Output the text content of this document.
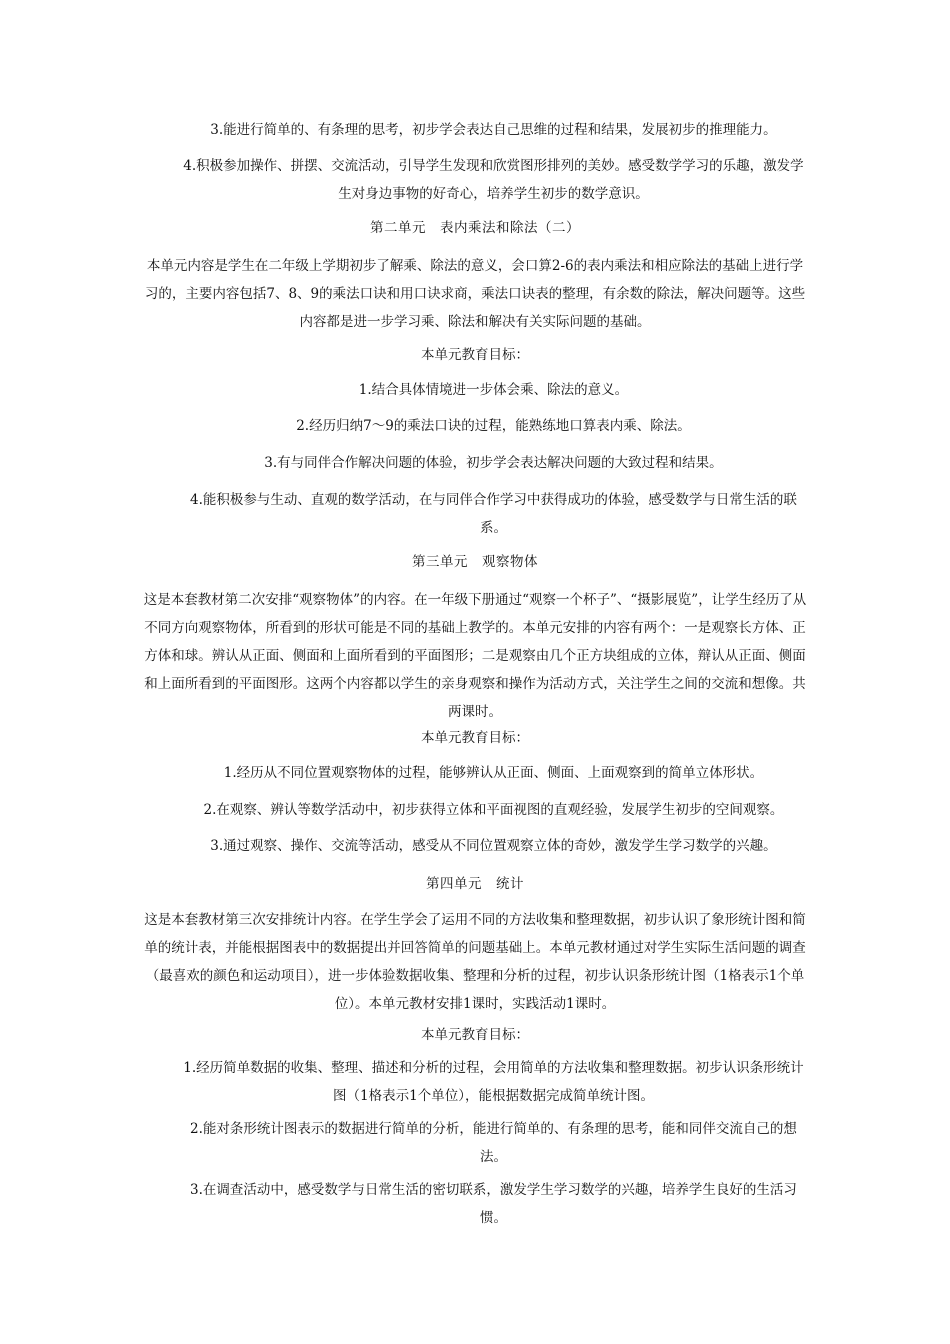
3.能进行简单的、有条理的思考，初步学会表达自己思维的过程和结果，发展初步的推理能力。

4.积极参加操作、拼摆、交流活动，引导学生发现和欣赏图形排列的美妙。感受数学学习的乐趣，激发学生对身边事物的好奇心，培养学生初步的数学意识。

第二单元　表内乘法和除法（二）

本单元内容是学生在二年级上学期初步了解乘、除法的意义，会口算2-6的表内乘法和相应除法的基础上进行学习的，主要内容包括7、8、9的乘法口诀和用口诀求商，乘法口诀表的整理，有余数的除法，解决问题等。这些内容都是进一步学习乘、除法和解决有关实际问题的基础。

本单元教育目标：

1.结合具体情境进一步体会乘、除法的意义。

2.经历归纳7～9的乘法口诀的过程，能熟练地口算表内乘、除法。

3.有与同伴合作解决问题的体验，初步学会表达解决问题的大致过程和结果。

4.能积极参与生动、直观的数学活动，在与同伴合作学习中获得成功的体验，感受数学与日常生活的联系。

第三单元　观察物体

这是本套教材第二次安排“观察物体”的内容。在一年级下册通过“观察一个杯子”、“摄影展览”，让学生经历了从不同方向观察物体，所看到的形状可能是不同的基础上教学的。本单元安排的内容有两个：一是观察长方体、正方体和球。辨认从正面、侧面和上面所看到的平面图形；二是观察由几个正方块组成的立体，辩认从正面、侧面和上面所看到的平面图形。这两个内容都以学生的亲身观察和操作为活动方式，关注学生之间的交流和想像。共两课时。

本单元教育目标：

1.经历从不同位置观察物体的过程，能够辨认从正面、侧面、上面观察到的简单立体形状。

2.在观察、辨认等数学活动中，初步获得立体和平面视图的直观经验，发展学生初步的空间观察。

3.通过观察、操作、交流等活动，感受从不同位置观察立体的奇妙，激发学生学习数学的兴趣。

第四单元　统计

这是本套教材第三次安排统计内容。在学生学会了运用不同的方法收集和整理数据，初步认识了象形统计图和简单的统计表，并能根据图表中的数据提出并回答简单的问题基础上。本单元教材通过对学生实际生活问题的调查（最喜欢的颜色和运动项目），进一步体验数据收集、整理和分析的过程，初步认识条形统计图（1格表示1个单位）。本单元教材安排1课时，实践活动1课时。

本单元教育目标：

1.经历简单数据的收集、整理、描述和分析的过程，会用简单的方法收集和整理数据。初步认识条形统计图（1格表示1个单位），能根据数据完成简单统计图。

2.能对条形统计图表示的数据进行简单的分析，能进行简单的、有条理的思考，能和同伴交流自己的想法。

3.在调查活动中，感受数学与日常生活的密切联系，激发学生学习数学的兴趣，培养学生良好的生活习惯。
